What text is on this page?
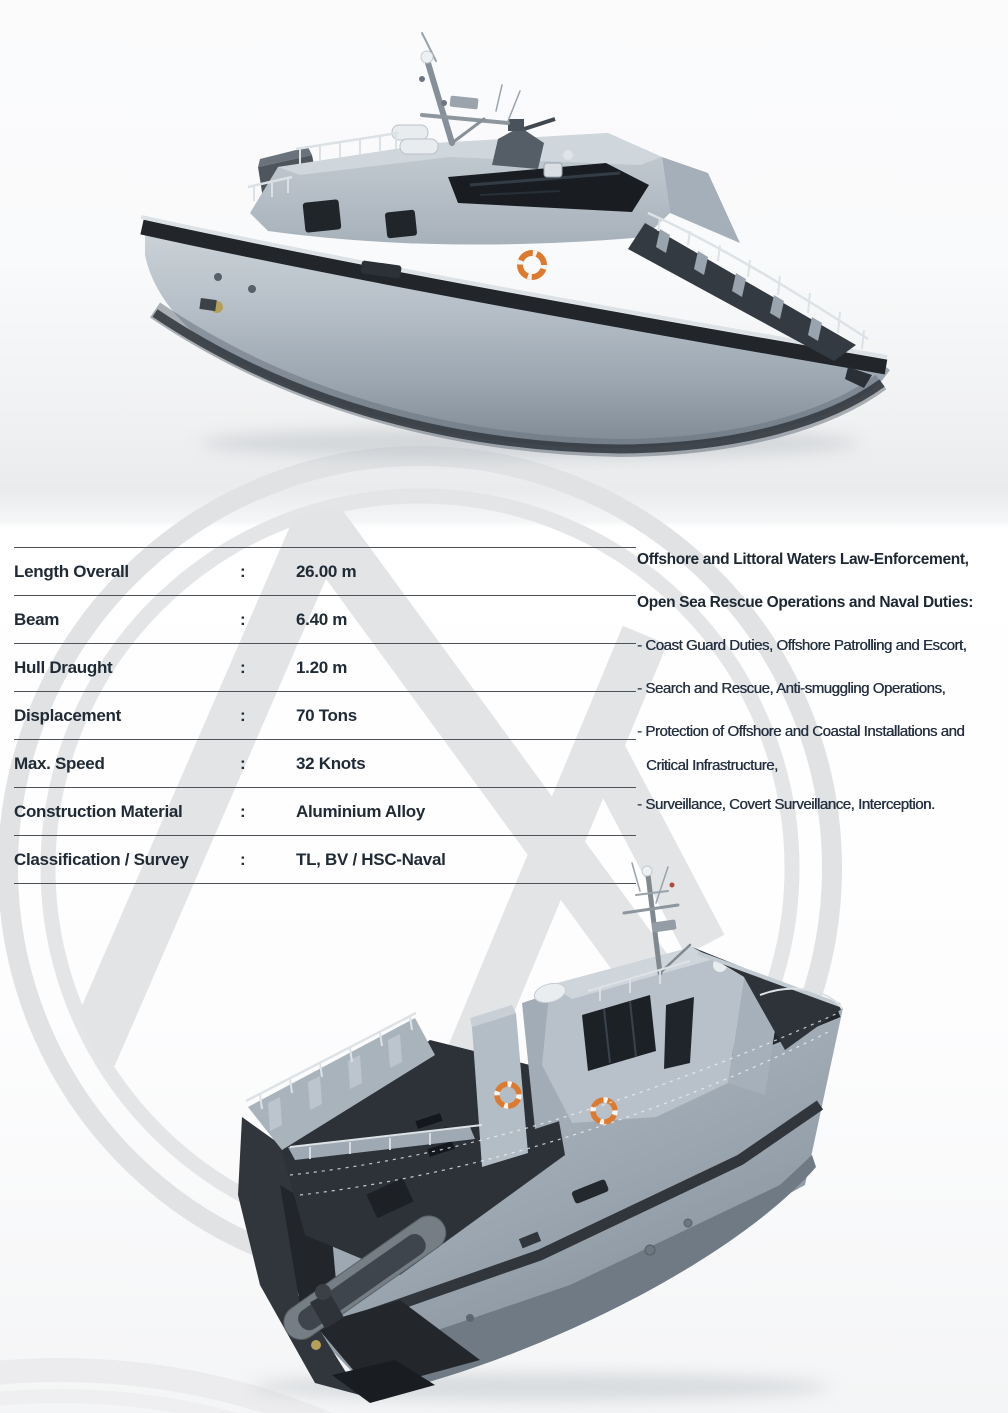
Length Overall	:	26.00 m
Beam	:	6.40 m
Hull Draught	:	1.20 m
Displacement	:	70 Tons
Max. Speed	:	32 Knots
Construction Material	:	Aluminium Alloy
Classification / Survey	:	TL, BV / HSC-Naval
Offshore and Littoral Waters Law-Enforcement,
Open Sea Rescue Operations and Naval Duties:
- Coast Guard Duties, Offshore Patrolling and Escort,
- Search and Rescue, Anti-smuggling Operations,
- Protection of Offshore and Coastal Installations and
Critical Infrastructure,
- Surveillance, Covert Surveillance, Interception.
